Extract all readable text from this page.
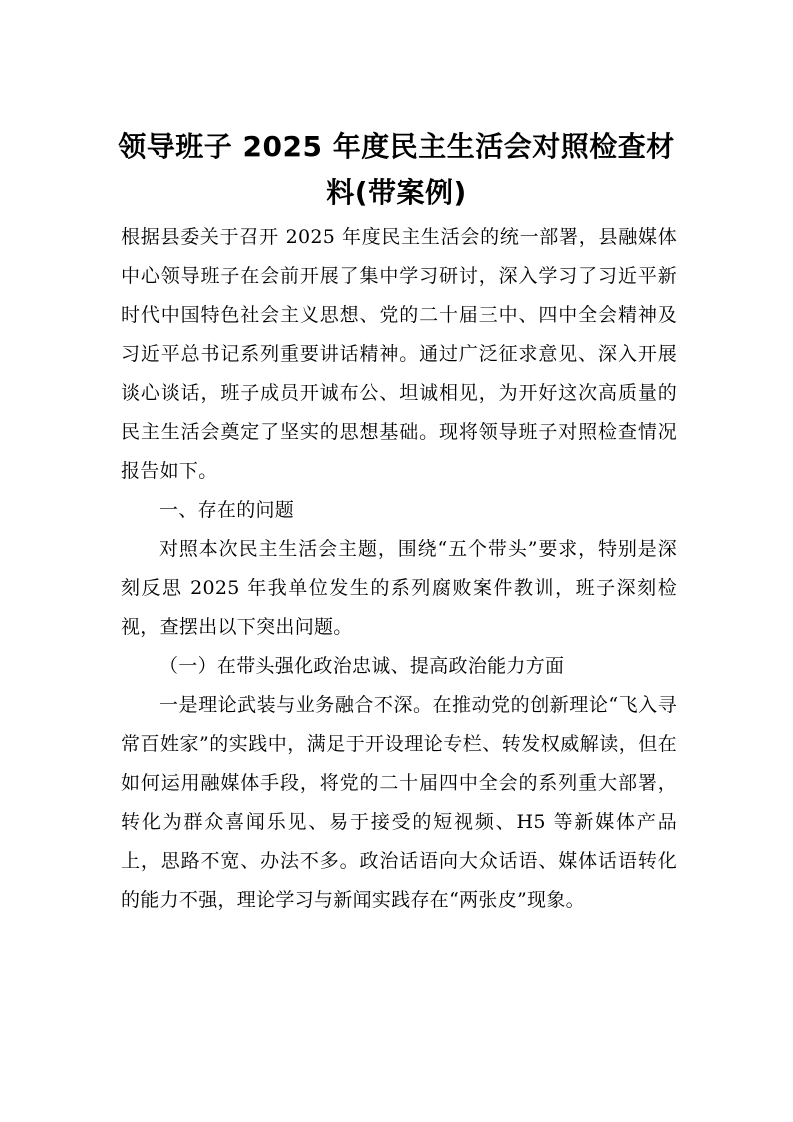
领导班子 2025 年度民主生活会对照检查材
料(带案例)

根据县委关于召开 2025 年度民主生活会的统一部署，县融媒体中心领导班子在会前开展了集中学习研讨，深入学习了习近平新时代中国特色社会主义思想、党的二十届三中、四中全会精神及习近平总书记系列重要讲话精神。通过广泛征求意见、深入开展谈心谈话，班子成员开诚布公、坦诚相见，为开好这次高质量的民主生活会奠定了坚实的思想基础。现将领导班子对照检查情况报告如下。

一、存在的问题

对照本次民主生活会主题，围绕“五个带头”要求，特别是深刻反思 2025 年我单位发生的系列腐败案件教训，班子深刻检视，查摆出以下突出问题。

（一）在带头强化政治忠诚、提高政治能力方面

一是理论武装与业务融合不深。在推动党的创新理论“飞入寻常百姓家”的实践中，满足于开设理论专栏、转发权威解读，但在如何运用融媒体手段，将党的二十届四中全会的系列重大部署，转化为群众喜闻乐见、易于接受的短视频、H5 等新媒体产品上，思路不宽、办法不多。政治话语向大众话语、媒体话语转化的能力不强，理论学习与新闻实践存在“两张皮”现象。
